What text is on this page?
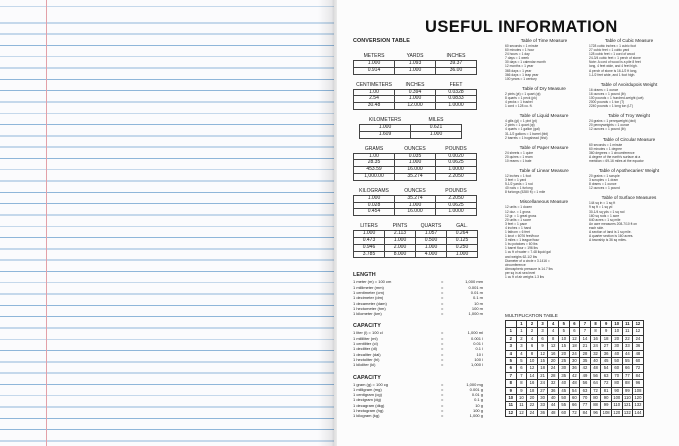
USEFUL INFORMATION
CONVERSION TABLE
METERS	YARDS	INCHES
1.000	1.093	39.37
0.914	1.000	36.00
CENTIMETERS	INCHES	FEET
1.00	0.394	0.0328
2.54	1.000	0.0833
30.48	12.000	1.0000
KILOMETERS	MILES
1.000	0.621
1.609	1.000
GRAMS	OUNCES	POUNDS
1.00	0.035	0.0020
28.35	1.000	0.0625
453.59	16.000	1.0000
1,000.00	35.274	2.2050
KILOGRAMS	OUNCES	POUNDS
1.000	35.274	2.2050
0.028	1.000	0.0625
0.454	16.000	1.0000
LITERS	PINTS	QUARTS	GAL.
1.000	2.113	1.057	0.264
0.473	1.000	0.500	0.125
0.946	2.000	1.000	0.250
3.785	8.000	4.000	1.000
LENGTH
1 meter (m) = 100 cm	=	1,000 mm
1 millimeter (mm)	=	0.001 m
1 centimeter (cm)	=	0.01 m
1 decimeter (dm)	=	0.1 m
1 decameter (dam)	=	10 m
1 hectometer (hm)	=	100 m
1 kilometer (km)	=	1,000 m
CAPACITY
1 liter (l) = 100 cl	=	1,000 ml
1 milliliter (ml)	=	0.001 l
1 centiliter (cl)	=	0.01 l
1 deciliter (dl)	=	0.1 l
1 decaliter (dal)	=	10 l
1 hectoliter (hl)	=	100 l
1 kiloliter (kl)	=	1,000 l
CAPACITY
1 gram (g) = 100 cg	=	1,000 mg
1 milligram (mg)	=	0.001 g
1 centigram (cg)	=	0.01 g
1 decigram (dg)	=	0.1 g
1 decagram (dkg)	=	10 g
1 hectogram (hg)	=	100 g
1 kilogram (kg)	=	1,000 g
Table of Time Measure
60 seconds = 1 minute
60 minutes = 1 hour
24 hours = 1 day
7 days = 1 week
30 days = 1 calendar month
12 months = 1 year
365 days = 1 year
366 days = 1 leap year
100 years = 1 century
Table of Dry Measure
2 pints (pt) = 1 quart (qt)
8 quarts = 1 peck (pk)
4 pecks = 1 bushel
1 cord = 128 cu. ft.
Table of Liquid Measure
4 gills (gi) = 1 pint (pt)
2 pints = 1 quart (qt)
4 quarts = 1 gallon (gal)
31-1/2 gallons = 1 barrel (bbl)
2 barrels = 1 hogshead (hhd)
Table of Paper Measure
24 sheets = 1 quire
20 quires = 1 ream
10 reams = 1 bale
Table of Linear Measure
12 inches = 1 foot
3 feet = 1 yard
5-1/2 yards = 1 rod
40 rods = 1 furlong
8 furlongs (5280 ft) = 1 mile
Miscellaneous Measure
12 units = 1 dozen
12 doz. = 1 gross
12 gr. = 1 great gross
20 units = 1 score
3 feet = 1 pace
4 inches = 1 hand
1 fathom = 6 feet
1 knot = 6076 feet/hour
3 miles = 1 league/hour
1 bu potatoes = 60 lbs
1 barrel flour = 196 lbs
1 cu ft of water = 7.48 liquid gal
and weighs 62-1/2 lbs
Diameter of a circle x 3.1416 =
circumference
Atmospheric pressure is 14.7 lbs
per sq in at sea level
1 cu ft of air weighs 1.3 lbs
Table of Cubic Measure
1728 cubic inches = 1 cubic foot
27 cubic feet = 1 cubic yard
128 cubic feet = 1 cord of wood
24-3/4 cubic feet = 1 perch of stone
Note: A cord of wood is a pile 8 feet
long, 4 feet wide, and 4 feet high.
A perch of stone is 16-1/2 ft long,
1-1/2 feet wide, and 1 foot high.
Table of Avoirdupois Weight
16 drams = 1 ounce
16 ounces = 1 pound (lb)
100 pounds = 1 hundred-weight (cwt)
2000 pounds = 1 ton (T)
2240 pounds = 1 long ton (LT)
Table of Troy Weight
24 grains = 1 pennyweight (dwt)
20 pennyweights = 1 ounce
12 ounces = 1 pound (lb)
Table of Circular Measure
60 seconds = 1 minute
60 minutes = 1 degree
360 degrees = 1 circumference
A degree of the earth's surface at a
meridian = 69-16 miles at the equator
Table of Apothecaries' Weight
20 grains = 1 scruple
3 scruples = 1 dram
8 drams = 1 ounce
12 ounces = 1 pound
Table of Surface Measures
144 sq in = 1 sq ft
9 sq ft = 1 sq yd
30-1/4 sq yds = 1 sq rod
160 sq rods = 1 acre
640 acres = 1 sq mile
An acre measures 208-7/10 ft on
each side.
A section of land is 1 sq mile.
A quarter section is 160 acres.
A township is 36 sq miles.
MULTIPLICATION TABLE
	1	2	3	4	5	6	7	8	9	10	11	12
1	1	2	3	4	5	6	7	8	9	10	11	12
2	2	4	6	8	10	12	14	16	18	20	22	24
3	3	6	9	12	15	18	21	24	27	30	33	36
4	4	8	12	16	20	24	28	32	36	40	44	48
5	5	10	15	20	25	30	35	40	45	50	55	60
6	6	12	18	24	30	36	42	48	54	60	66	72
7	7	14	21	28	35	42	49	56	63	70	77	84
8	8	16	24	32	40	48	56	64	72	80	88	96
9	9	18	27	36	45	54	63	72	81	90	99	108
10	10	20	30	40	50	60	70	80	90	100	110	120
11	11	22	33	44	55	66	77	88	99	110	121	132
12	12	24	36	48	60	72	84	96	108	120	132	144
